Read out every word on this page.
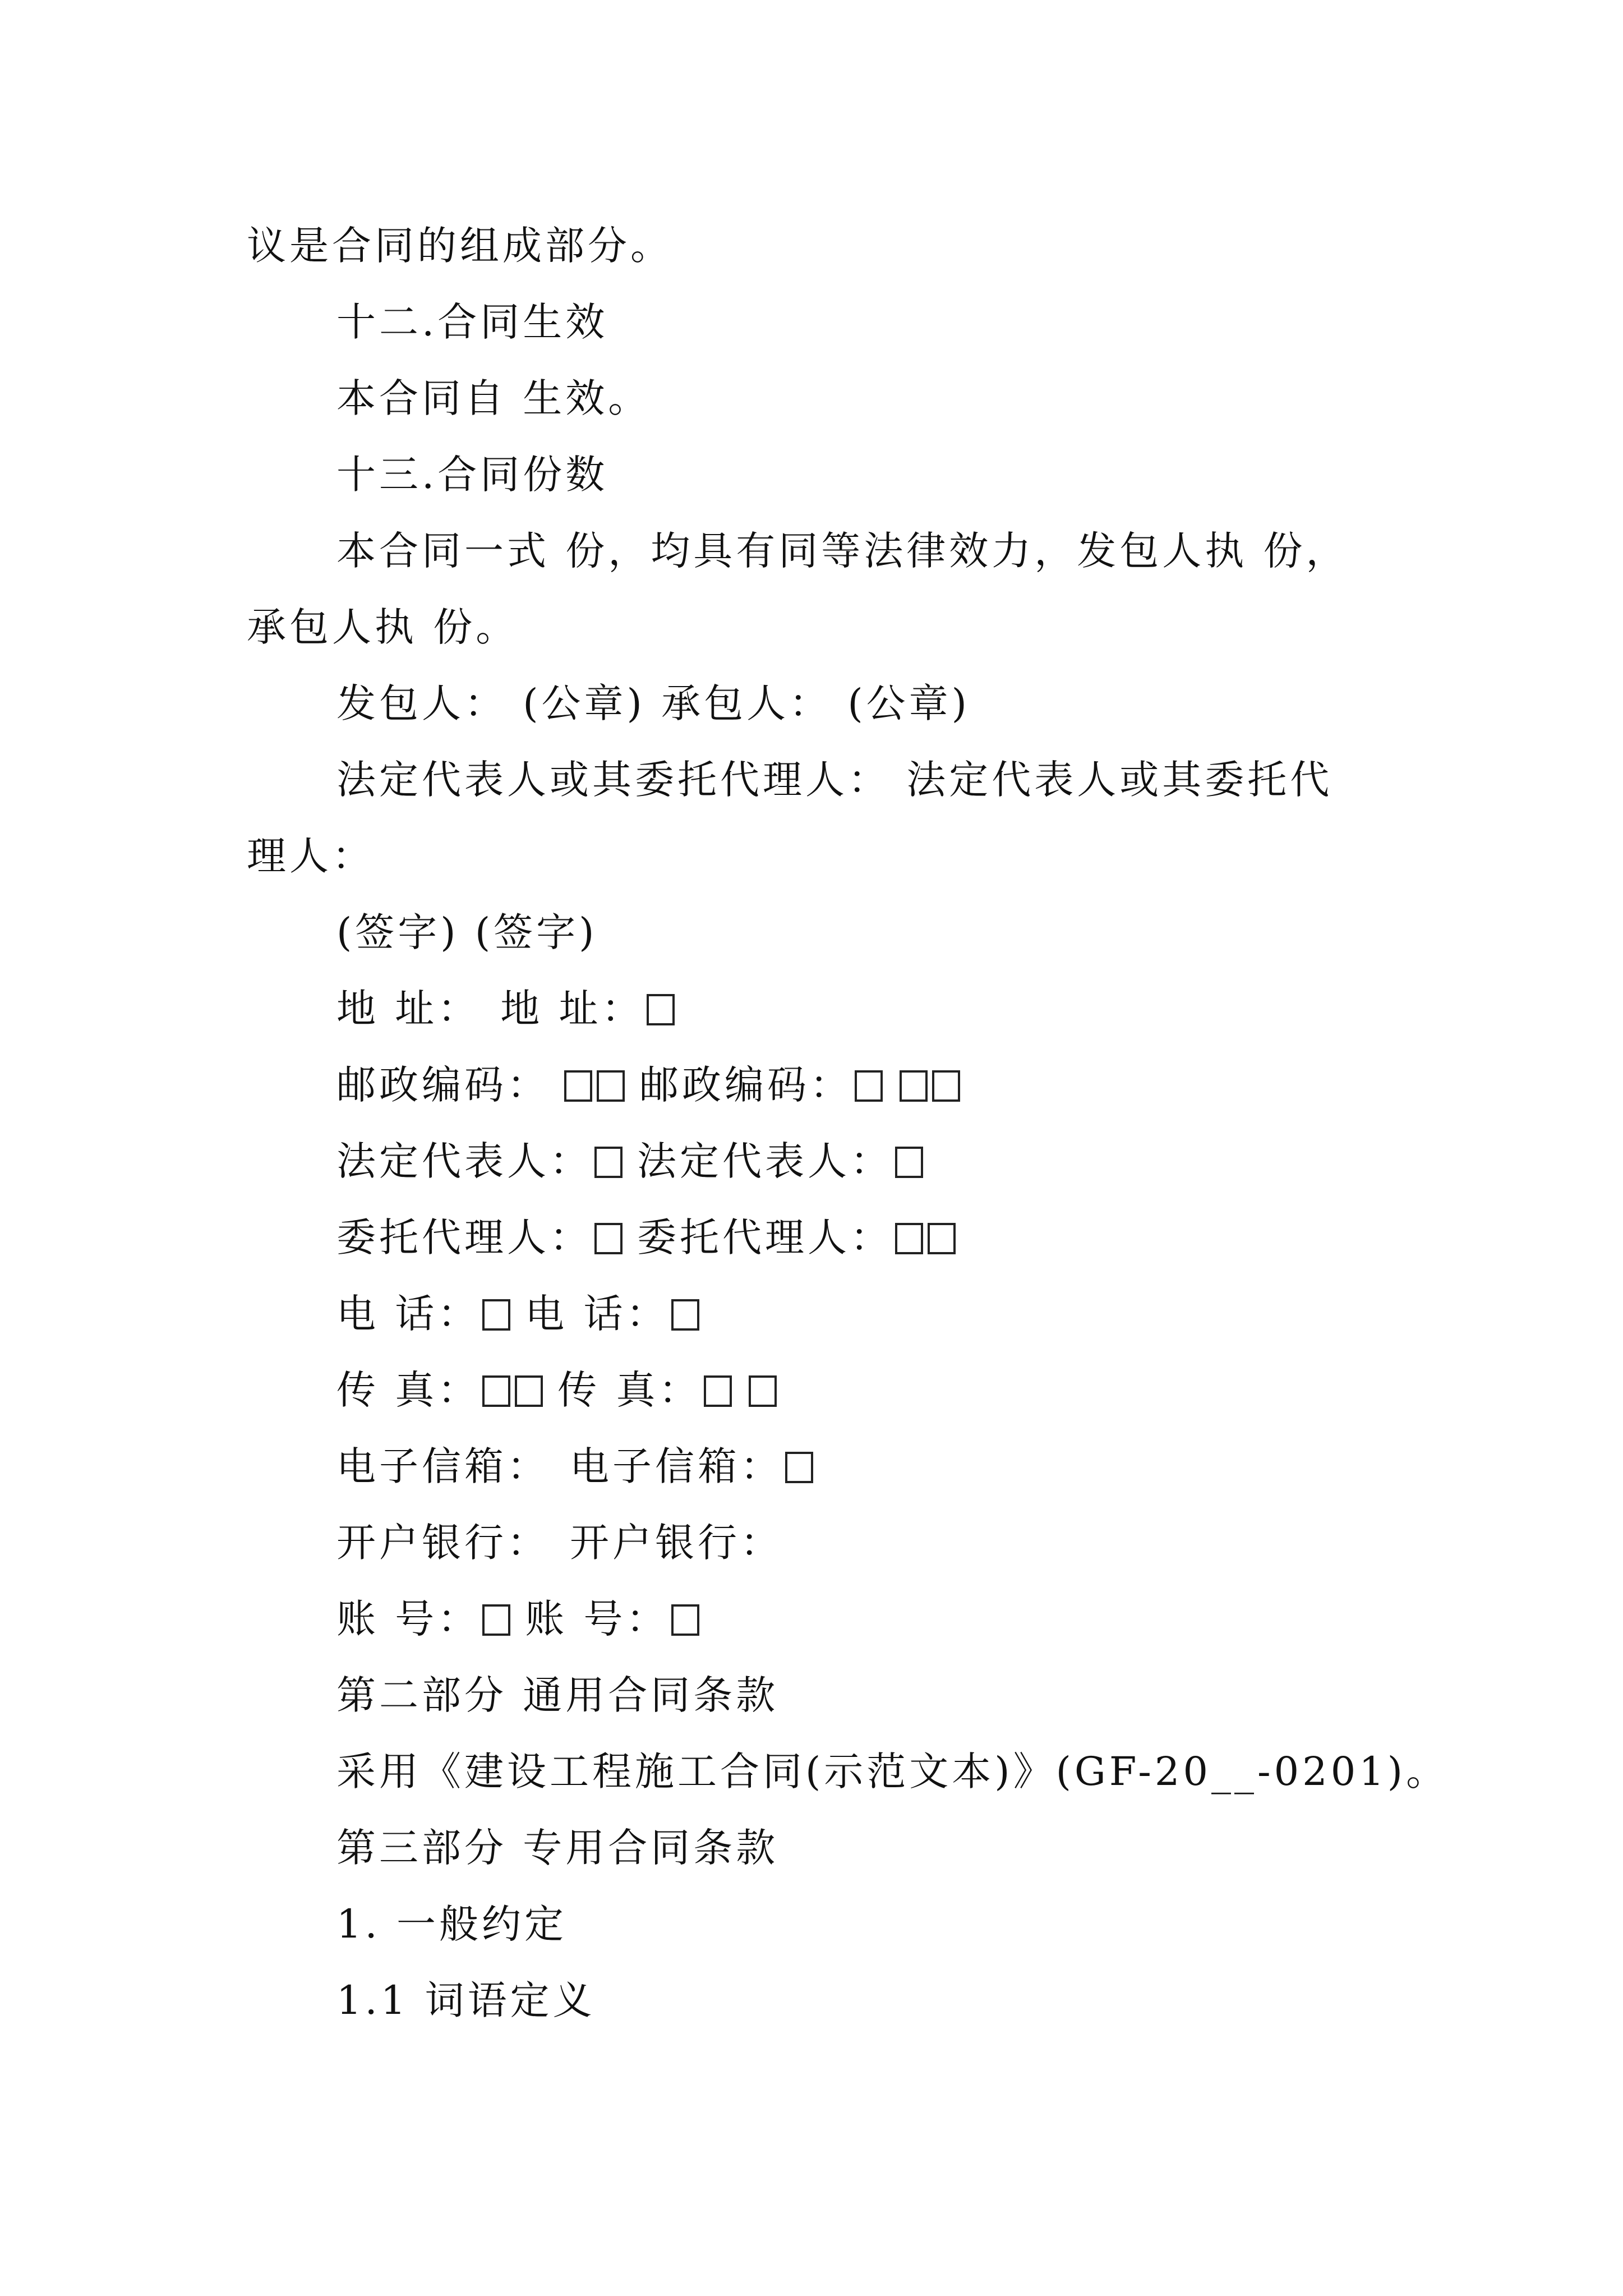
议是合同的组成部分。
十二.合同生效
本合同自 生效。
十三.合同份数
本合同一式 份，均具有同等法律效力，发包人执 份，
承包人执 份。
发包人： (公章) 承包人： (公章)
法定代表人或其委托代理人： 法定代表人或其委托代
理人：
(签字) (签字)
地 址： 地 址：
邮政编码： 邮政编码：
法定代表人： 法定代表人：
委托代理人： 委托代理人：
电 话： 电 话：
传 真： 传 真：
电子信箱： 电子信箱：
开户银行： 开户银行：
账 号： 账 号：
第二部分 通用合同条款
采用《建设工程施工合同(示范文本)》(GF-20__-0201)。
第三部分 专用合同条款
1. 一般约定
1.1 词语定义
